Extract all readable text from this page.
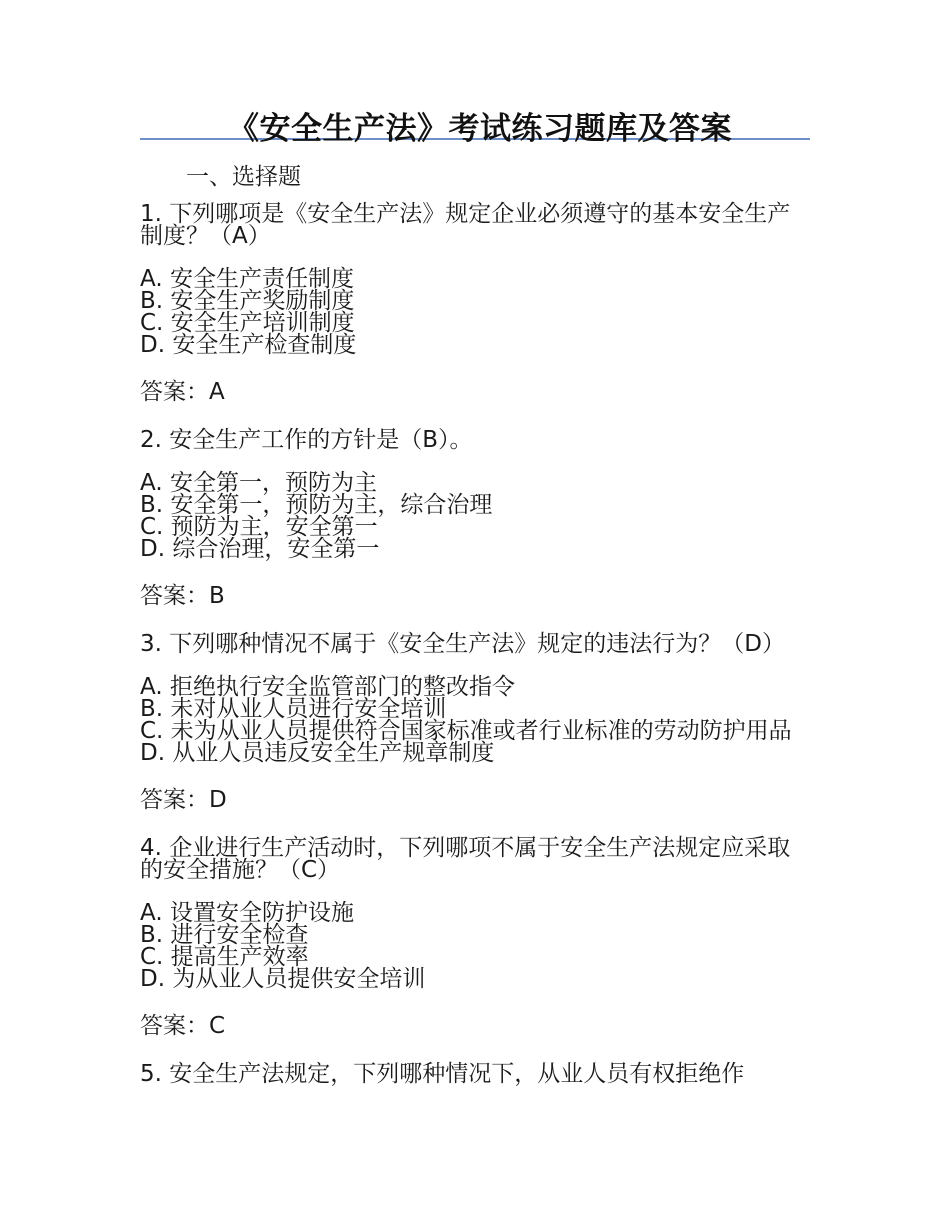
《安全生产法》考试练习题库及答案
一、选择题

1. 下列哪项是《安全生产法》规定企业必须遵守的基本安全生产制度？（A）

A. 安全生产责任制度
B. 安全生产奖励制度
C. 安全生产培训制度
D. 安全生产检查制度
答案：A

2. 安全生产工作的方针是（B）。

A. 安全第一，预防为主
B. 安全第一，预防为主，综合治理
C. 预防为主，安全第一
D. 综合治理，安全第一
答案：B

3. 下列哪种情况不属于《安全生产法》规定的违法行为？（D）

A. 拒绝执行安全监管部门的整改指令
B. 未对从业人员进行安全培训
C. 未为从业人员提供符合国家标准或者行业标准的劳动防护用品
D. 从业人员违反安全生产规章制度
答案：D

4. 企业进行生产活动时，下列哪项不属于安全生产法规定应采取的安全措施？（C）

A. 设置安全防护设施
B. 进行安全检查
C. 提高生产效率
D. 为从业人员提供安全培训
答案：C
5. 安全生产法规定，下列哪种情况下，从业人员有权拒绝作
